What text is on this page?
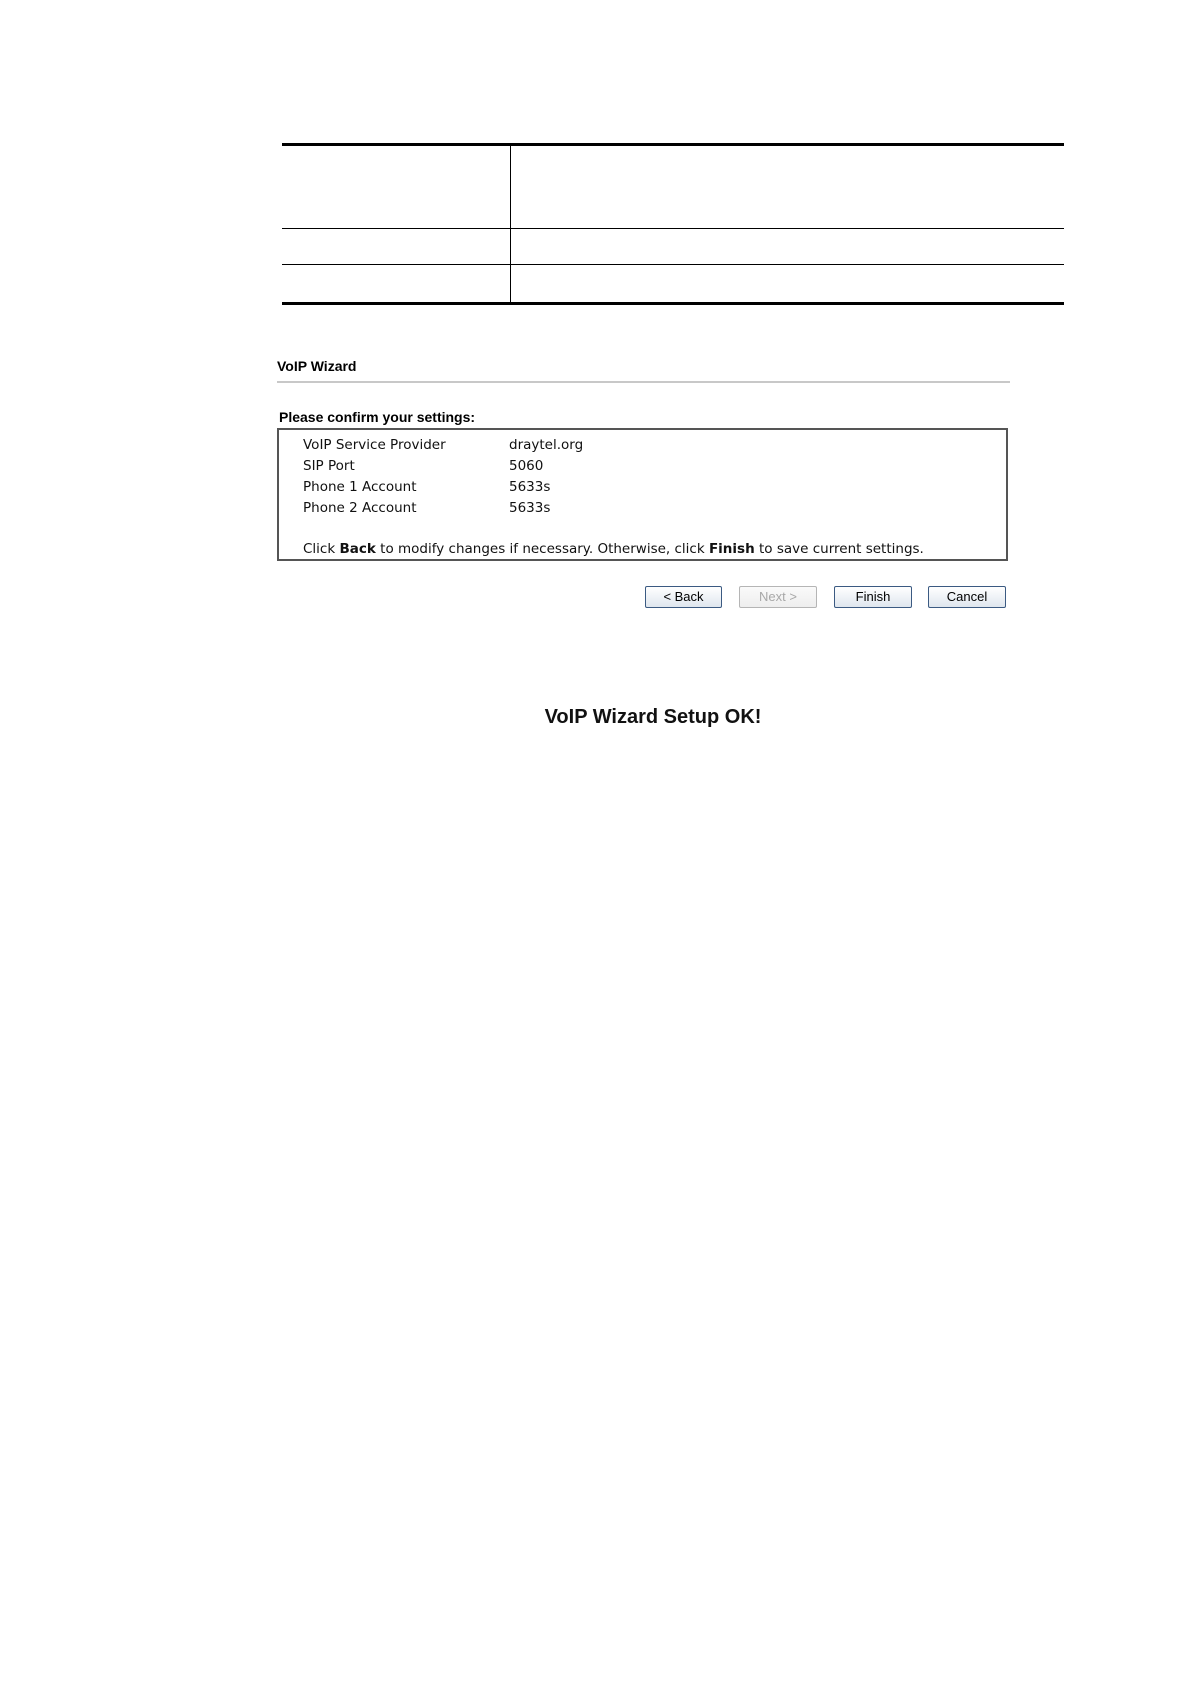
VoIP Wizard
Please confirm your settings:
VoIP Service Provider	draytel.org
SIP Port	5060
Phone 1 Account	5633s
Phone 2 Account	5633s
Click Back to modify changes if necessary. Otherwise, click Finish to save current settings.
< Back	Next >	Finish	Cancel
VoIP Wizard Setup OK!
